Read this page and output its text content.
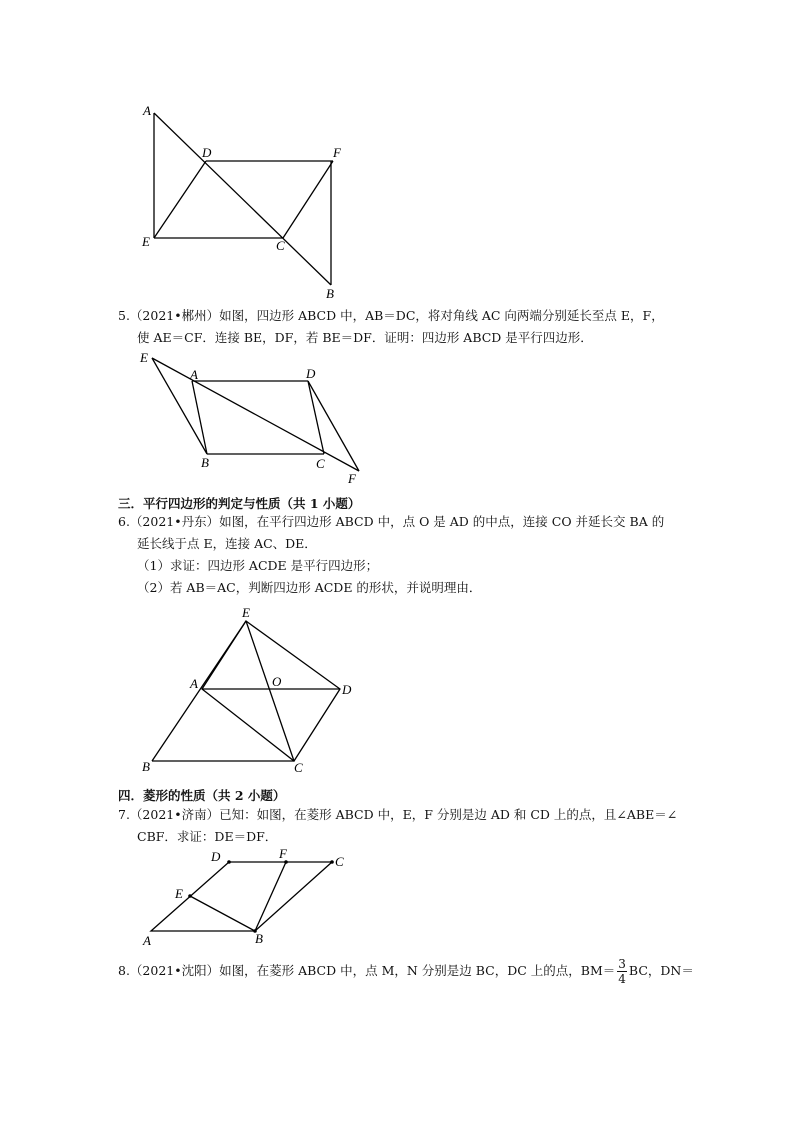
A
D	F
E	C
B
5.（2021•郴州）如图，四边形 ABCD 中，AB＝DC，将对角线 AC 向两端分别延长至点 E，F，
使 AE＝CF．连接 BE，DF，若 BE＝DF．证明：四边形 ABCD 是平行四边形．
E
A	D
B	C
F
三．平行四边形的判定与性质（共 1 小题）
6.（2021•丹东）如图，在平行四边形 ABCD 中，点 O 是 AD 的中点，连接 CO 并延长交 BA 的
延长线于点 E，连接 AC、DE．
（1）求证：四边形 ACDE 是平行四边形；
（2）若 AB＝AC，判断四边形 ACDE 的形状，并说明理由．
E
A	O
D
B	C
四．菱形的性质（共 2 小题）
7.（2021•济南）已知：如图，在菱形 ABCD 中，E，F 分别是边 AD 和 CD 上的点，且∠ABE＝∠
CBF．求证：DE＝DF．
D	F
C
E
A	B
8.（2021•沈阳）如图，在菱形 ABCD 中，点 M，N 分别是边 BC，DC 上的点，$BM= \frac{3}{4}$ BC，DN＝
